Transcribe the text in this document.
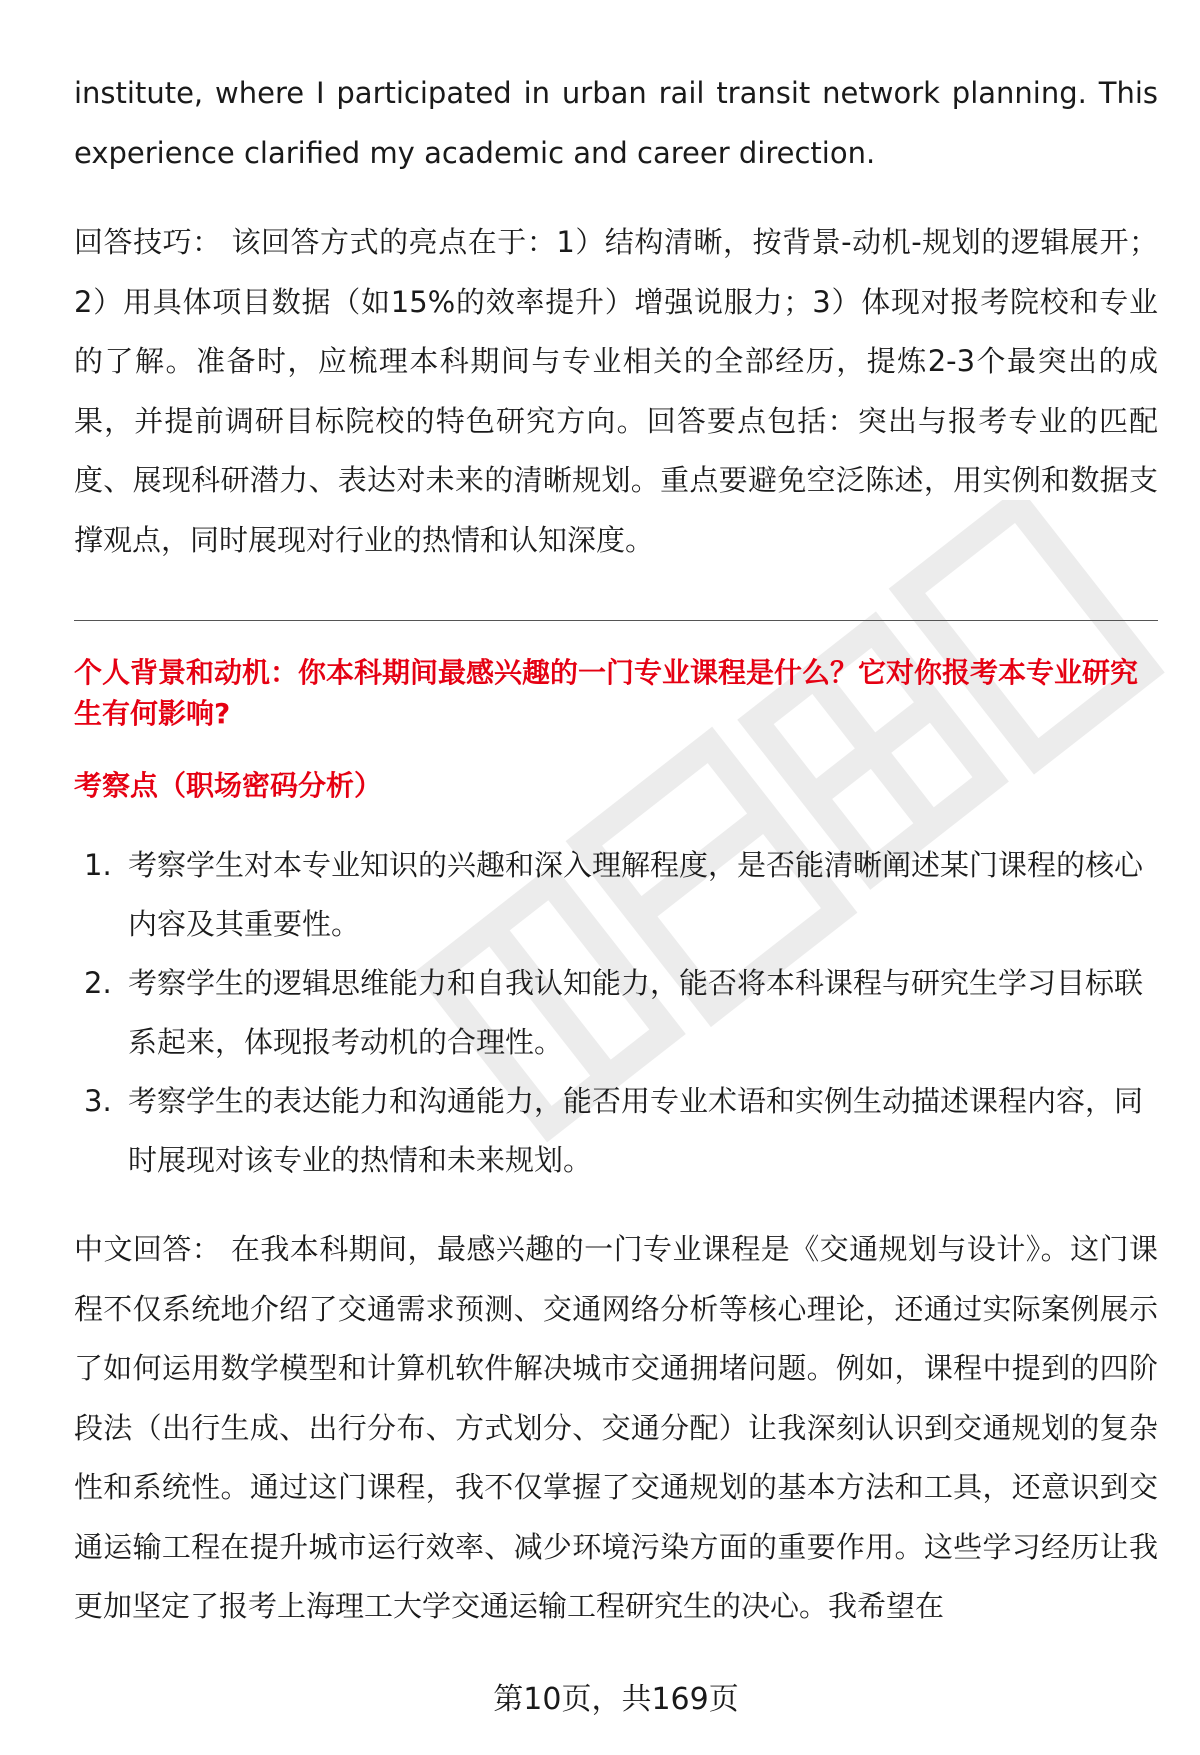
institute, where I participated in urban rail transit network planning. This experience clarified my academic and career direction.

回答技巧： 该回答方式的亮点在于：1）结构清晰，按背景-动机-规划的逻辑展开；2）用具体项目数据（如15%的效率提升）增强说服力；3）体现对报考院校和专业的了解。准备时，应梳理本科期间与专业相关的全部经历，提炼2-3个最突出的成果，并提前调研目标院校的特色研究方向。回答要点包括：突出与报考专业的匹配度、展现科研潜力、表达对未来的清晰规划。重点要避免空泛陈述，用实例和数据支撑观点，同时展现对行业的热情和认知深度。

个人背景和动机：你本科期间最感兴趣的一门专业课程是什么？它对你报考本专业研究生有何影响?

考察点（职场密码分析）

1. 考察学生对本专业知识的兴趣和深入理解程度，是否能清晰阐述某门课程的核心内容及其重要性。
2. 考察学生的逻辑思维能力和自我认知能力，能否将本科课程与研究生学习目标联系起来，体现报考动机的合理性。
3. 考察学生的表达能力和沟通能力，能否用专业术语和实例生动描述课程内容，同时展现对该专业的热情和未来规划。

中文回答： 在我本科期间，最感兴趣的一门专业课程是《交通规划与设计》。这门课程不仅系统地介绍了交通需求预测、交通网络分析等核心理论，还通过实际案例展示了如何运用数学模型和计算机软件解决城市交通拥堵问题。例如，课程中提到的四阶段法（出行生成、出行分布、方式划分、交通分配）让我深刻认识到交通规划的复杂性和系统性。通过这门课程，我不仅掌握了交通规划的基本方法和工具，还意识到交通运输工程在提升城市运行效率、减少环境污染方面的重要作用。这些学习经历让我更加坚定了报考上海理工大学交通运输工程研究生的决心。我希望在

第10页，共169页
